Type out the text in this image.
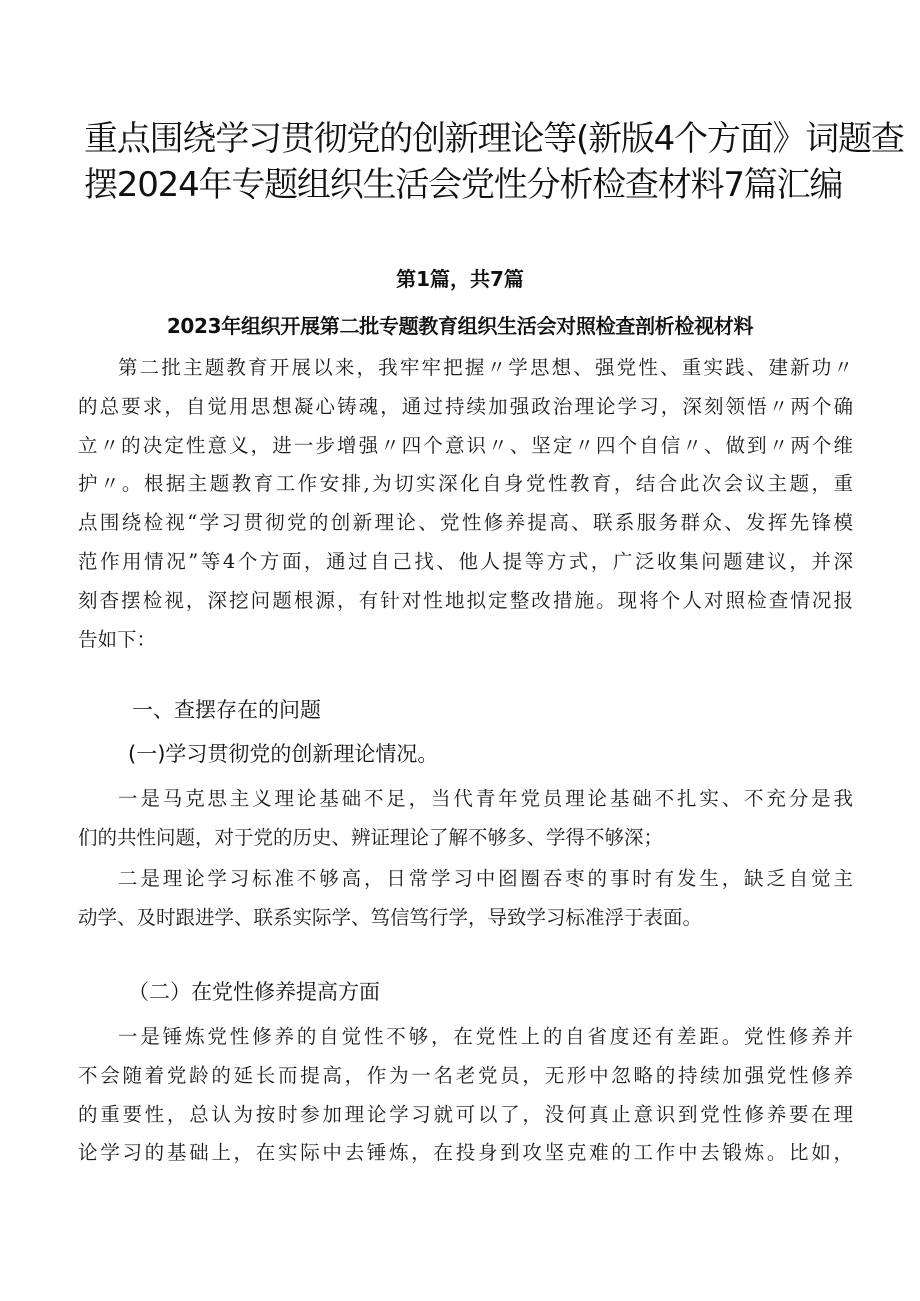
重点围绕学习贯彻党的创新理论等(新版4个方面》词题查
摆2024年专题组织生活会党性分析检查材料7篇汇编
第1篇，共7篇
2023年组织开展第二批专题教育组织生活会对照检查剖析检视材料

第二批主题教育开展以来，我牢牢把握〃学思想、强党性、重实践、建新功〃
的总要求，自觉用思想凝心铸魂，通过持续加强政治理论学习，深刻领悟〃两个确
立〃的决定性意义，进一步增强〃四个意识〃、坚定〃四个自信〃、做到〃两个维
护〃。根据主题教育工作安排,为切实深化自身党性教育，结合此次会议主题，重
点围绕检视“学习贯彻党的创新理论、党性修养提高、联系服务群众、发挥先锋模
范作用情况”等4个方面，通过自己找、他人提等方式，广泛收集问题建议，并深
刻杳摆检视，深挖问题根源，有针对性地拟定整改措施。现将个人对照检查情况报
告如下：

一、查摆存在的问题
(一)学习贯彻党的创新理论情况。

一是马克思主义理论基础不足，当代青年党员理论基础不扎实、不充分是我
们的共性问题，对于党的历史、辨证理论了解不够多、学得不够深；

二是理论学习标准不够高，日常学习中囵圈吞枣的事时有发生，缺乏自觉主
动学、及时跟进学、联系实际学、笃信笃行学，导致学习标准浮于表面。

（二）在党性修养提高方面

一是锤炼党性修养的自觉性不够，在党性上的自省度还有差距。党性修养并
不会随着党龄的延长而提高，作为一名老党员，无形中忽略的持续加强党性修养
的重要性，总认为按时参加理论学习就可以了，没何真止意识到党性修养要在理
论学习的基础上，在实际中去锤炼，在投身到攻坚克难的工作中去锻炼。比如，
